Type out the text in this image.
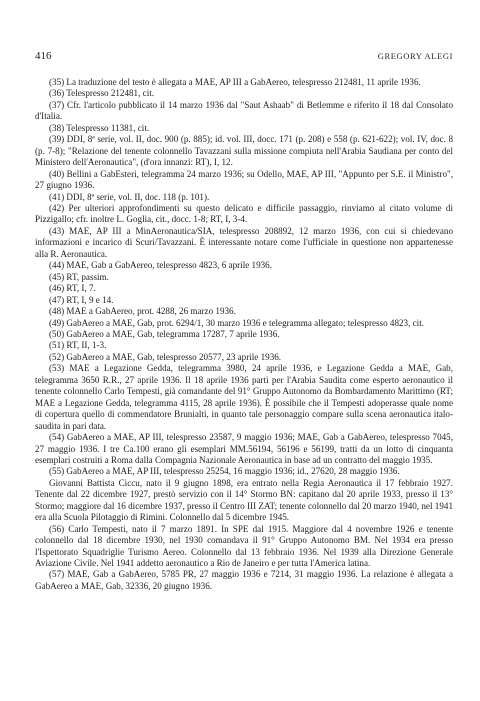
416	GREGORY ALEGI

(35) La traduzione del testo è allegata a MAE, AP III a GabAereo, telespresso 212481, 11 aprile 1936.

(36) Telespresso 212481, cit.

(37) Cfr. l'articolo pubblicato il 14 marzo 1936 dal "Saut Ashaab" di Betlemme e riferito il 18 dal Consolato d'Italia.

(38) Telespresso 11381, cit.

(39) DDI, 8ª serie, vol. II, doc. 900 (p. 885); id. vol. III, docc. 171 (p. 208) e 558 (p. 621-622); vol. IV, doc. 8 (p. 7-8); "Relazione del tenente colonnello Tavazzani sulla missione compiuta nell'Arabia Saudiana per conto del Ministero dell'Aeronautica", (d'ora innanzi: RT), I, 12.

(40) Bellini a GabEsteri, telegramma 24 marzo 1936; su Odello, MAE, AP III, "Appunto per S.E. il Ministro", 27 giugno 1936.

(41) DDI, 8ª serie, vol. II, doc. 118 (p. 101).

(42) Per ulteriori approfondimenti su questo delicato e difficile passaggio, rinviamo al citato volume di Pizzigallo; cfr. inoltre L. Goglia, cit., docc. 1-8; RT, I, 3-4.

(43) MAE, AP III a MinAeronautica/SIA, telespresso 208892, 12 marzo 1936, con cui si chiedevano informazioni e incarico di Scuri/Tavazzani. È interessante notare come l'ufficiale in questione non appartenesse alla R. Aeronautica.

(44) MAE, Gab a GabAereo, telespresso 4823, 6 aprile 1936.

(45) RT, passim.

(46) RT, I, 7.

(47) RT, I, 9 e 14.

(48) MAE a GabAereo, prot. 4288, 26 marzo 1936.

(49) GabAereo a MAE, Gab, prot. 6294/1, 30 marzo 1936 e telegramma allegato; telespresso 4823, cit.

(50) GabAereo a MAE, Gab, telegramma 17287, 7 aprile 1936.

(51) RT, II, 1-3.

(52) GabAereo a MAE, Gab, telespresso 20577, 23 aprile 1936.

(53) MAE a Legazione Gedda, telegramma 3980, 24 aprile 1936, e Legazione Gedda a MAE, Gab, telegramma 3650 R.R., 27 aprile 1936. Il 18 aprile 1936 partì per l'Arabia Saudita come esperto aeronautico il tenente colonnello Carlo Tempesti, già comandante del 91° Gruppo Autonomo da Bombardamento Marittimo (RT; MAE a Legazione Gedda, telegramma 4115, 28 aprile 1936). È possibile che il Tempesti adoperasse quale nome di copertura quello di commendatore Brunialti, in quanto tale personaggio compare sulla scena aeronautica italo-saudita in pari data.

(54) GabAereo a MAE, AP III, telespresso 23587, 9 maggio 1936; MAE, Gab a GabAereo, telespresso 7045, 27 maggio 1936. I tre Ca.100 erano gli esemplari MM.56194, 56196 e 56199, tratti da un lotto di cinquanta esemplari costruiti a Roma dalla Compagnia Nazionale Aeronautica in base ad un contratto del maggio 1935.

(55) GabAereo a MAE, AP III, telespresso 25254, 16 maggio 1936; id., 27620, 28 maggio 1936.

Giovanni Battista Ciccu, nato il 9 giugno 1898, era entrato nella Regia Aeronautica il 17 febbraio 1927. Tenente dal 22 dicembre 1927, prestò servizio con il 14° Stormo BN: capitano dal 20 aprile 1933, presso il 13° Stormo; maggiore dal 16 dicembre 1937, presso il Centro III ZAT; tenente colonnello dal 20 marzo 1940, nel 1941 era alla Scuola Pilotaggio di Rimini. Colonnello dal 5 dicembre 1945.

(56) Carlo Tempesti, nato il 7 marzo 1891. In SPE dal 1915. Maggiore dal 4 novembre 1926 e tenente colonnello dal 18 dicembre 1930, nel 1930 comandava il 91° Gruppo Autonomo BM. Nel 1934 era presso l'Ispettorato Squadriglie Turismo Aereo. Colonnello dal 13 febbraio 1936. Nel 1939 alla Direzione Generale Aviazione Civile. Nel 1941 addetto aeronautico a Rio de Janeiro e per tutta l'America latina.

(57) MAE, Gab a GabAereo, 5785 PR, 27 maggio 1936 e 7214, 31 maggio 1936. La relazione è allegata a GabAereo a MAE, Gab, 32336, 20 giugno 1936.
